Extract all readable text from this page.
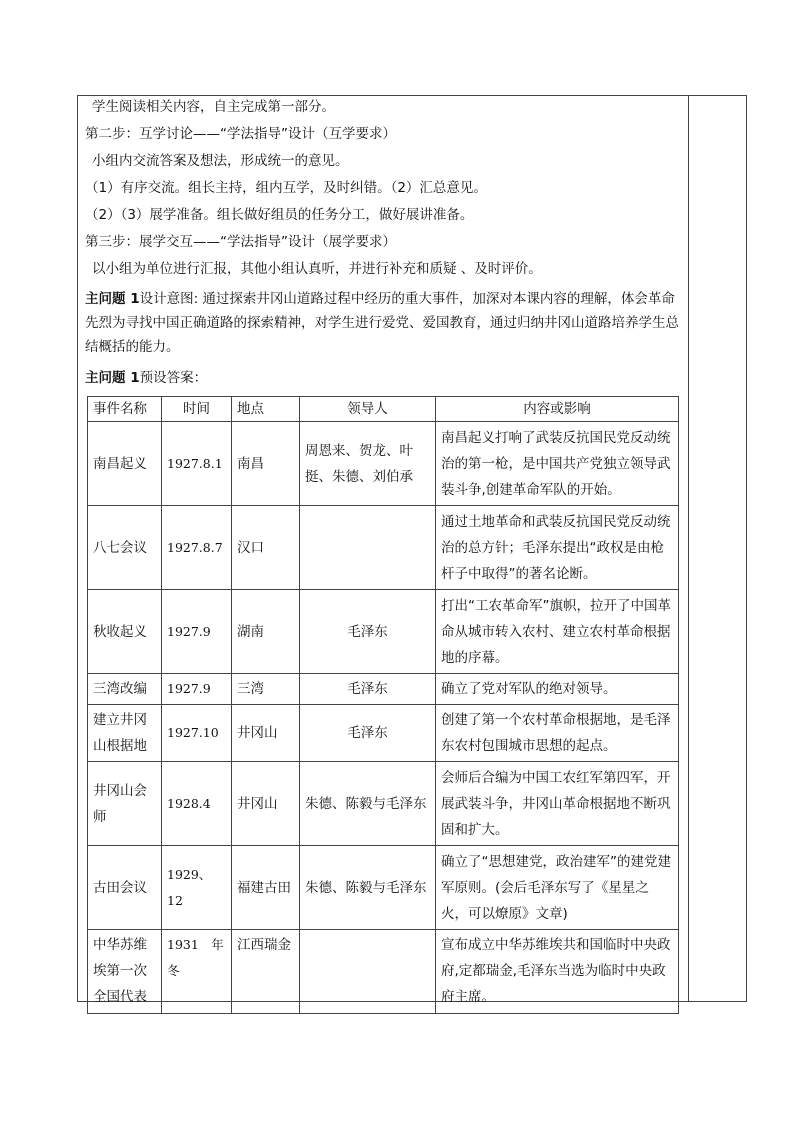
学生阅读相关内容，自主完成第一部分。
第二步：互学讨论——“学法指导”设计（互学要求）
小组内交流答案及想法，形成统一的意见。
（1）有序交流。组长主持，组内互学，及时纠错。（2）汇总意见。
（2）（3）展学准备。组长做好组员的任务分工，做好展讲准备。
第三步：展学交互——“学法指导”设计（展学要求）
以小组为单位进行汇报，其他小组认真听，并进行补充和质疑 、及时评价。
主问题 1设计意图: 通过探索井冈山道路过程中经历的重大事件，加深对本课内容的理解，体会革命先烈为寻找中国正确道路的探索精神，对学生进行爱党、爱国教育，通过归纳井冈山道路培养学生总结概括的能力。
主问题 1预设答案：
事件名称	时间	地点	领导人	内容或影响
南昌起义	1927.8.1	南昌	周恩来、贺龙、叶挺、朱德、刘伯承	南昌起义打响了武装反抗国民党反动统治的第一枪，是中国共产党独立领导武装斗争,创建革命军队的开始。
八七会议	1927.8.7	汉口		通过土地革命和武装反抗国民党反动统治的总方针；毛泽东提出“政权是由枪杆子中取得”的著名论断。
秋收起义	1927.9	湖南	毛泽东	打出“工农革命军”旗帜，拉开了中国革命从城市转入农村、建立农村革命根据地的序幕。
三湾改编	1927.9	三湾	毛泽东	确立了党对军队的绝对领导。
建立井冈山根据地	1927.10	井冈山	毛泽东	创建了第一个农村革命根据地，是毛泽东农村包围城市思想的起点。
井冈山会师	1928.4	井冈山	朱德、陈毅与毛泽东	会师后合编为中国工农红军第四军，开展武装斗争，井冈山革命根据地不断巩固和扩大。
古田会议	1929、12	福建古田	朱德、陈毅与毛泽东	确立了“思想建党，政治建军”的建党建军原则。(会后毛泽东写了《星星之火，可以燎原》文章)
中华苏维埃第一次全国代表	1931　年冬	江西瑞金		宣布成立中华苏维埃共和国临时中央政府,定都瑞金,毛泽东当选为临时中央政府主席。
